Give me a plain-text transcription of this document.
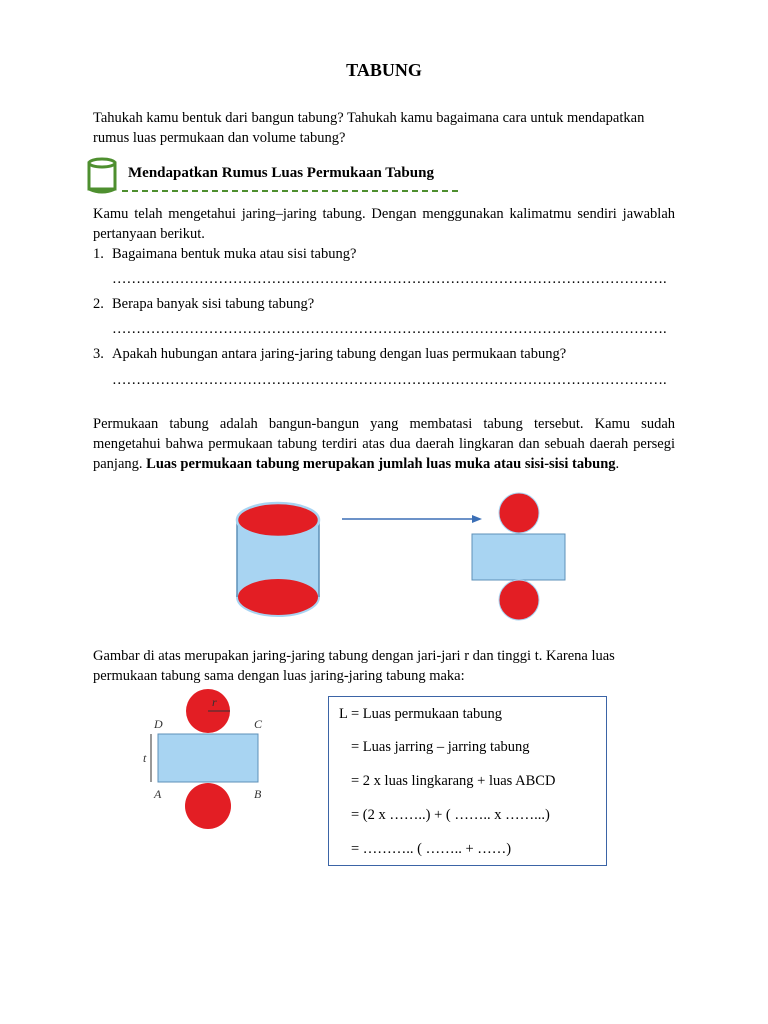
TABUNG
Tahukah kamu bentuk dari bangun tabung? Tahukah kamu bagaimana cara untuk mendapatkan rumus luas permukaan dan volume tabung?
Mendapatkan Rumus Luas Permukaan Tabung
Kamu telah mengetahui jaring–jaring tabung. Dengan menggunakan kalimatmu sendiri jawablah pertanyaan berikut.
1. Bagaimana bentuk muka atau sisi tabung?
…………………………………………………………………………………………………….
2. Berapa banyak sisi tabung tabung?
…………………………………………………………………………………………………….
3. Apakah hubungan antara jaring-jaring tabung dengan luas permukaan tabung?
…………………………………………………………………………………………………….
Permukaan tabung adalah bangun-bangun yang membatasi tabung tersebut. Kamu sudah mengetahui bahwa permukaan tabung terdiri atas dua daerah lingkaran dan sebuah daerah persegi panjang. Luas permukaan tabung merupakan jumlah luas muka atau sisi-sisi tabung.
Gambar di atas merupakan jaring-jaring tabung dengan jari-jari r dan tinggi t. Karena luas permukaan tabung sama dengan luas jaring-jaring tabung maka:
r
D	C
t
A	B
L = Luas permukaan tabung
= Luas jarring – jarring tabung
= 2 x luas lingkarang + luas ABCD
= (2 x ……..) + ( …….. x ……...)
= ……….. ( …….. + ……)
